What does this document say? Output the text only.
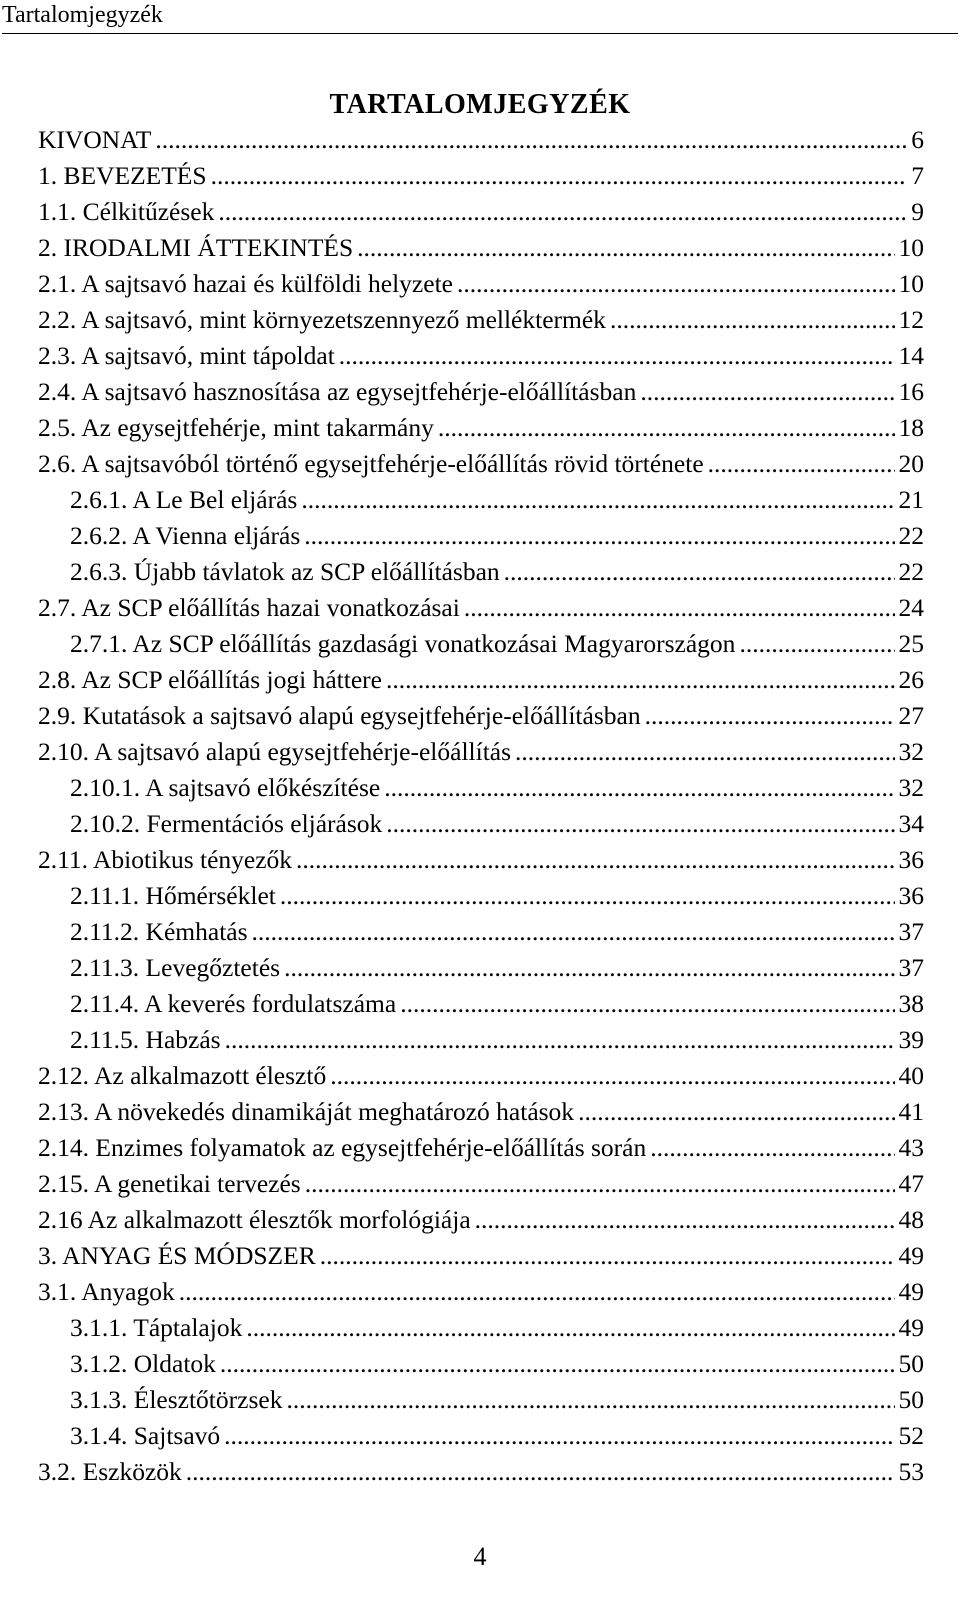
Tartalomjegyzék
TARTALOMJEGYZÉK
KIVONAT .....	6
1. BEVEZETÉS .....	7
1.1. Célkitűzések .....	9
2. IRODALMI ÁTTEKINTÉS .....	10
2.1. A sajtsavó hazai és külföldi helyzete .....	10
2.2. A sajtsavó, mint környezetszennyező melléktermék .....	12
2.3. A sajtsavó, mint tápoldat .....	14
2.4. A sajtsavó hasznosítása az egysejtfehérje-előállításban .....	16
2.5. Az egysejtfehérje, mint takarmány .....	18
2.6. A sajtsavóból történő egysejtfehérje-előállítás rövid története .....	20
2.6.1. A Le Bel eljárás .....	21
2.6.2. A Vienna eljárás .....	22
2.6.3. Újabb távlatok az SCP előállításban .....	22
2.7. Az SCP előállítás hazai vonatkozásai .....	24
2.7.1. Az SCP előállítás gazdasági vonatkozásai Magyarországon .....	25
2.8. Az SCP előállítás jogi háttere .....	26
2.9. Kutatások a sajtsavó alapú egysejtfehérje-előállításban .....	27
2.10. A sajtsavó alapú egysejtfehérje-előállítás .....	32
2.10.1. A sajtsavó előkészítése .....	32
2.10.2. Fermentációs eljárások .....	34
2.11. Abiotikus tényezők .....	36
2.11.1. Hőmérséklet .....	36
2.11.2. Kémhatás .....	37
2.11.3. Levegőztetés .....	37
2.11.4. A keverés fordulatszáma .....	38
2.11.5. Habzás .....	39
2.12. Az alkalmazott élesztő .....	40
2.13. A növekedés dinamikáját meghatározó hatások .....	41
2.14. Enzimes folyamatok az egysejtfehérje-előállítás során .....	43
2.15. A genetikai tervezés .....	47
2.16 Az alkalmazott élesztők morfológiája .....	48
3. ANYAG ÉS MÓDSZER .....	49
3.1. Anyagok .....	49
3.1.1. Táptalajok .....	49
3.1.2. Oldatok .....	50
3.1.3. Élesztőtörzsek .....	50
3.1.4. Sajtsavó .....	52
3.2. Eszközök .....	53
4
